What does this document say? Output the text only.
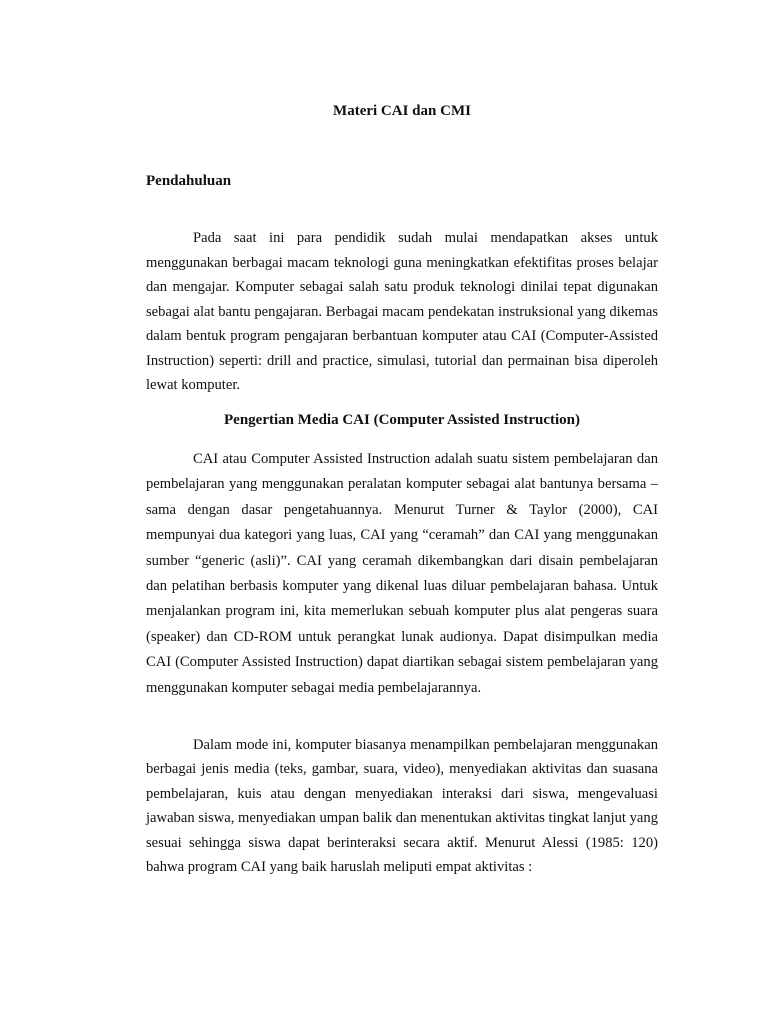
Materi CAI dan CMI
Pendahuluan

Pada saat ini para pendidik sudah mulai mendapatkan akses untuk menggunakan berbagai macam teknologi guna meningkatkan efektifitas proses belajar dan mengajar. Komputer sebagai salah satu produk teknologi dinilai tepat digunakan sebagai alat bantu pengajaran. Berbagai macam pendekatan instruksional yang dikemas dalam bentuk program pengajaran berbantuan komputer atau CAI (Computer-Assisted Instruction) seperti: drill and practice, simulasi, tutorial dan permainan bisa diperoleh lewat komputer.

Pengertian Media CAI (Computer Assisted Instruction)

CAI atau Computer Assisted Instruction adalah suatu sistem pembelajaran dan pembelajaran yang menggunakan peralatan komputer sebagai alat bantunya bersama – sama dengan dasar pengetahuannya. Menurut Turner & Taylor (2000), CAI mempunyai dua kategori yang luas, CAI yang “ceramah” dan CAI yang menggunakan sumber “generic (asli)”. CAI yang ceramah dikembangkan dari disain pembelajaran dan pelatihan berbasis komputer yang dikenal luas diluar pembelajaran bahasa. Untuk menjalankan program ini, kita memerlukan sebuah komputer plus alat pengeras suara (speaker) dan CD-ROM untuk perangkat lunak audionya. Dapat disimpulkan media CAI (Computer Assisted Instruction) dapat diartikan sebagai sistem pembelajaran yang menggunakan komputer sebagai media pembelajarannya.

Dalam mode ini, komputer biasanya menampilkan pembelajaran menggunakan berbagai jenis media (teks, gambar, suara, video), menyediakan aktivitas dan suasana pembelajaran, kuis atau dengan menyediakan interaksi dari siswa, mengevaluasi jawaban siswa, menyediakan umpan balik dan menentukan aktivitas tingkat lanjut yang sesuai sehingga siswa dapat berinteraksi secara aktif. Menurut Alessi (1985: 120) bahwa program CAI yang baik haruslah meliputi empat aktivitas :
